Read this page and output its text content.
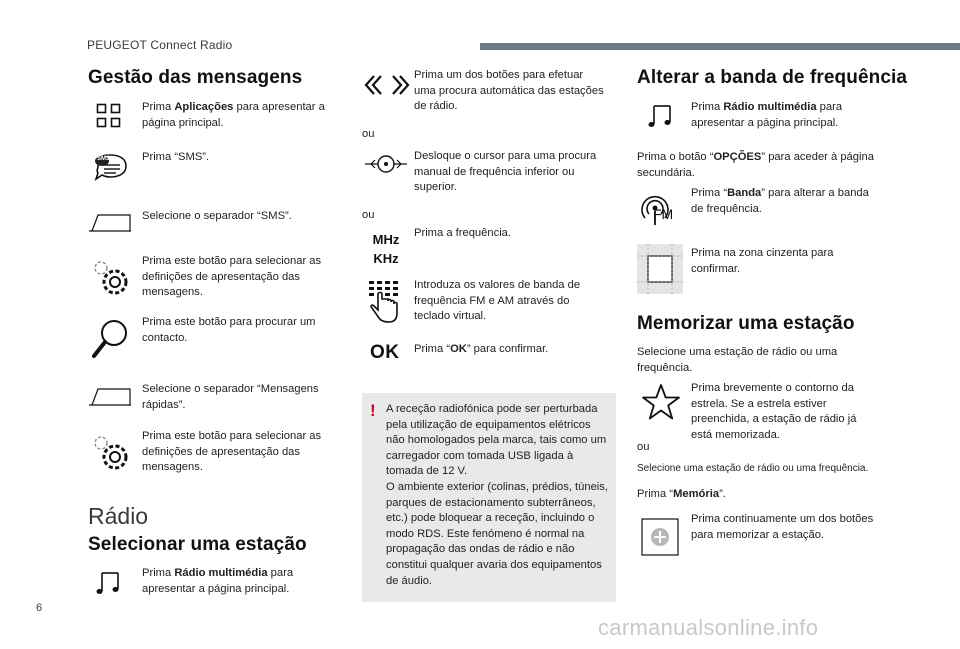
PEUGEOT Connect Radio
Gestão das mensagens
Prima Aplicações para apresentar a página principal.
SMS	Prima “SMS”.
Selecione o separador “SMS”.
Prima este botão para selecionar as definições de apresentação das mensagens.
Prima este botão para procurar um contacto.
Selecione o separador “Mensagens rápidas”.
Prima este botão para selecionar as definições de apresentação das mensagens.
Rádio
Selecionar uma estação
Prima Rádio multimédia para apresentar a página principal.
Prima um dos botões para efetuar uma procura automática das estações de rádio.
ou
Desloque o cursor para uma procura manual de frequência inferior ou superior.
ou
MHz
KHz
Prima a frequência.
Introduza os valores de banda de frequência FM e AM através do teclado virtual.
OK Prima “OK” para confirmar.
! A receção radiofónica pode ser perturbada pela utilização de equipamentos elétricos não homologados pela marca, tais como um carregador com tomada USB ligada à tomada de 12 V.
O ambiente exterior (colinas, prédios, túneis, parques de estacionamento subterrâneos, etc.) pode bloquear a receção, incluindo o modo RDS. Este fenómeno é normal na propagação das ondas de rádio e não constitui qualquer avaria dos equipamentos de áudio.
Alterar a banda de frequência
Prima Rádio multimédia para apresentar a página principal.
Prima o botão “OPÇÕES” para aceder à página secundária.
FM
Prima “Banda” para alterar a banda de frequência.
Prima na zona cinzenta para confirmar.
Memorizar uma estação
Selecione uma estação de rádio ou uma frequência.
Prima brevemente o contorno da estrela. Se a estrela estiver preenchida, a estação de rádio já está memorizada.
ou
Selecione uma estação de rádio ou uma frequência.
Prima “Memória”.
Prima continuamente um dos botões para memorizar a estação.
6
carmanualsonline.info
